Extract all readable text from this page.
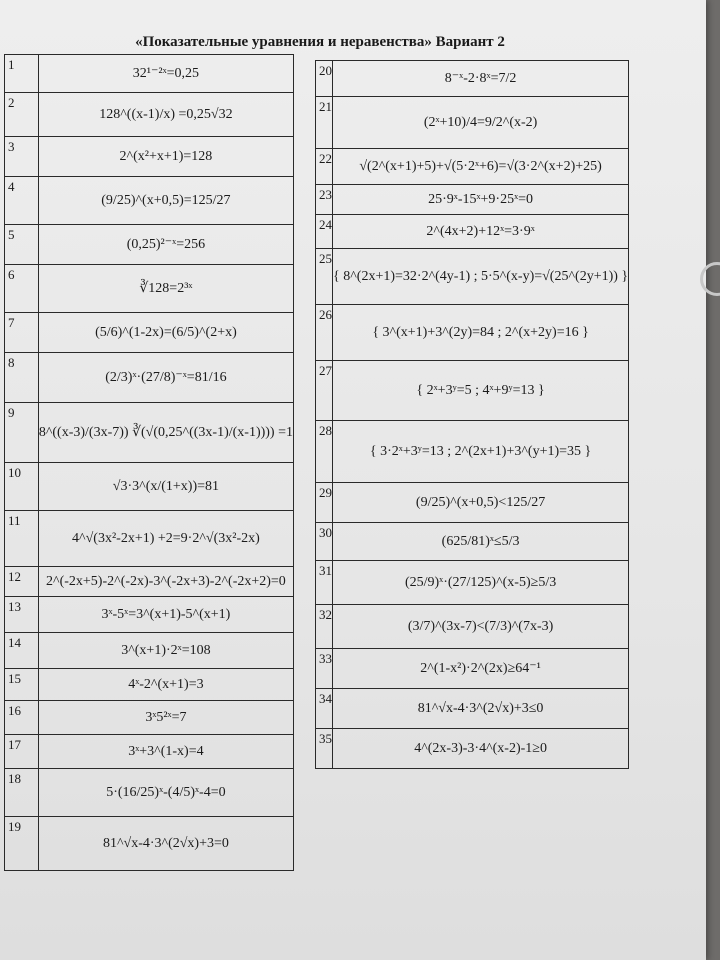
«Показательные уравнения и неравенства» Вариант 2
1	32¹⁻²ˣ=0,25
2	128^((x-1)/x) =0,25√32
3	2^(x²+x+1)=128
4	(9/25)^(x+0,5)=125/27
5	(0,25)²⁻ˣ=256
6	∛128=2³ˣ
7	(5/6)^(1-2x)=(6/5)^(2+x)
8	(2/3)ˣ·(27/8)⁻ˣ=81/16
9	8^((x-3)/(3x-7)) ∛(√(0,25^((3x-1)/(x-1)))) =1
10	√3·3^(x/(1+x))=81
11	4^√(3x²-2x+1) +2=9·2^√(3x²-2x)
12	2^(-2x+5)-2^(-2x)-3^(-2x+3)-2^(-2x+2)=0
13	3ˣ-5ˣ=3^(x+1)-5^(x+1)
14	3^(x+1)·2ˣ=108
15	4ˣ-2^(x+1)=3
16	3ˣ5²ˣ=7
17	3ˣ+3^(1-x)=4
18	5·(16/25)ˣ-(4/5)ˣ-4=0
19	81^√x-4·3^(2√x)+3=0
20	8⁻ˣ-2·8ˣ=7/2
21	(2ˣ+10)/4=9/2^(x-2)
22	√(2^(x+1)+5)+√(5·2ˣ+6)=√(3·2^(x+2)+25)
23	25·9ˣ-15ˣ+9·25ˣ=0
24	2^(4x+2)+12ˣ=3·9ˣ
25	{ 8^(2x+1)=32·2^(4y-1) ; 5·5^(x-y)=√(25^(2y+1)) }
26	{ 3^(x+1)+3^(2y)=84 ; 2^(x+2y)=16 }
27	{ 2ˣ+3ʸ=5 ; 4ˣ+9ʸ=13 }
28	{ 3·2ˣ+3ʸ=13 ; 2^(2x+1)+3^(y+1)=35 }
29	(9/25)^(x+0,5)<125/27
30	(625/81)ˣ≤5/3
31	(25/9)ˣ·(27/125)^(x-5)≥5/3
32	(3/7)^(3x-7)<(7/3)^(7x-3)
33	2^(1-x²)·2^(2x)≥64⁻¹
34	81^√x-4·3^(2√x)+3≤0
35	4^(2x-3)-3·4^(x-2)-1≥0
